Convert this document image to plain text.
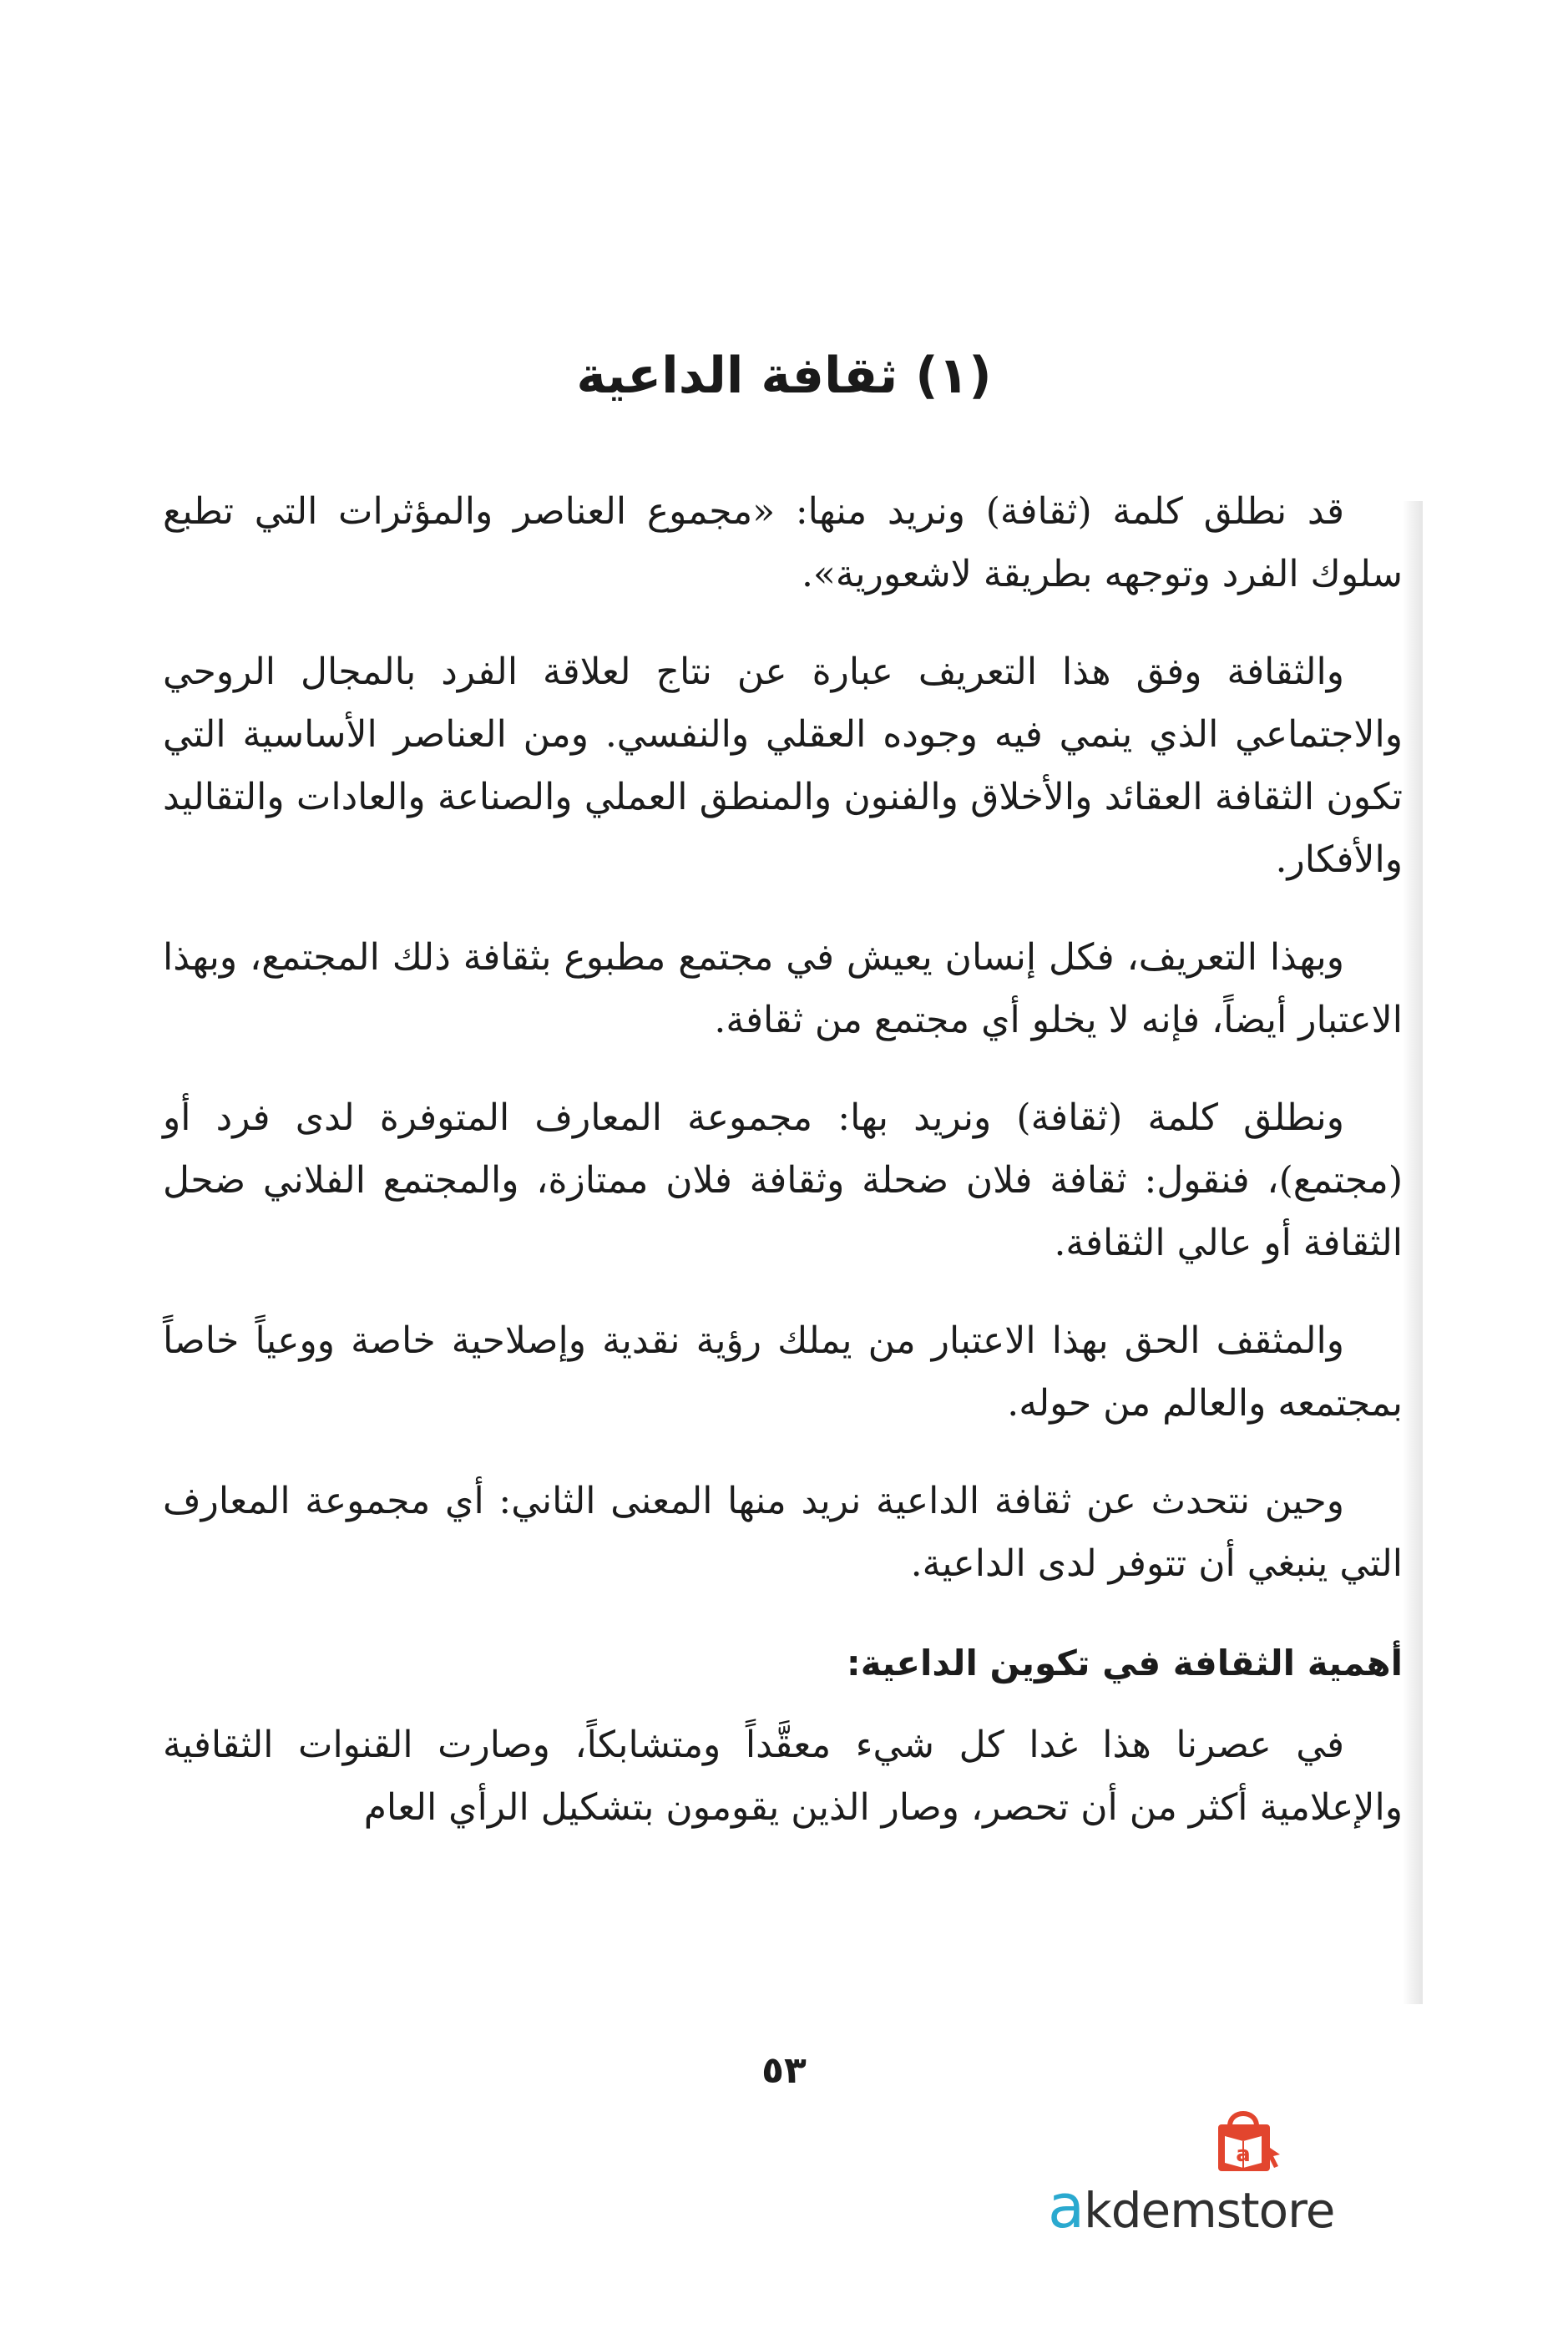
(١) ثقافة الداعية

قد نطلق كلمة (ثقافة) ونريد منها: «مجموع العناصر والمؤثرات التي تطبع سلوك الفرد وتوجهه بطريقة لاشعورية».

والثقافة وفق هذا التعريف عبارة عن نتاج لعلاقة الفرد بالمجال الروحي والاجتماعي الذي ينمي فيه وجوده العقلي والنفسي. ومن العناصر الأساسية التي تكون الثقافة العقائد والأخلاق والفنون والمنطق العملي والصناعة والعادات والتقاليد والأفكار.

وبهذا التعريف، فكل إنسان يعيش في مجتمع مطبوع بثقافة ذلك المجتمع، وبهذا الاعتبار أيضاً، فإنه لا يخلو أي مجتمع من ثقافة.

ونطلق كلمة (ثقافة) ونريد بها: مجموعة المعارف المتوفرة لدى فرد أو (مجتمع)، فنقول: ثقافة فلان ضحلة وثقافة فلان ممتازة، والمجتمع الفلاني ضحل الثقافة أو عالي الثقافة.

والمثقف الحق بهذا الاعتبار من يملك رؤية نقدية وإصلاحية خاصة ووعياً خاصاً بمجتمعه والعالم من حوله.

وحين نتحدث عن ثقافة الداعية نريد منها المعنى الثاني: أي مجموعة المعارف التي ينبغي أن تتوفر لدى الداعية.

أهمية الثقافة في تكوين الداعية:

في عصرنا هذا غدا كل شيء معقَّداً ومتشابكاً، وصارت القنوات الثقافية والإعلامية أكثر من أن تحصر، وصار الذين يقومون بتشكيل الرأي العام

٥٣
a
akdemstore
